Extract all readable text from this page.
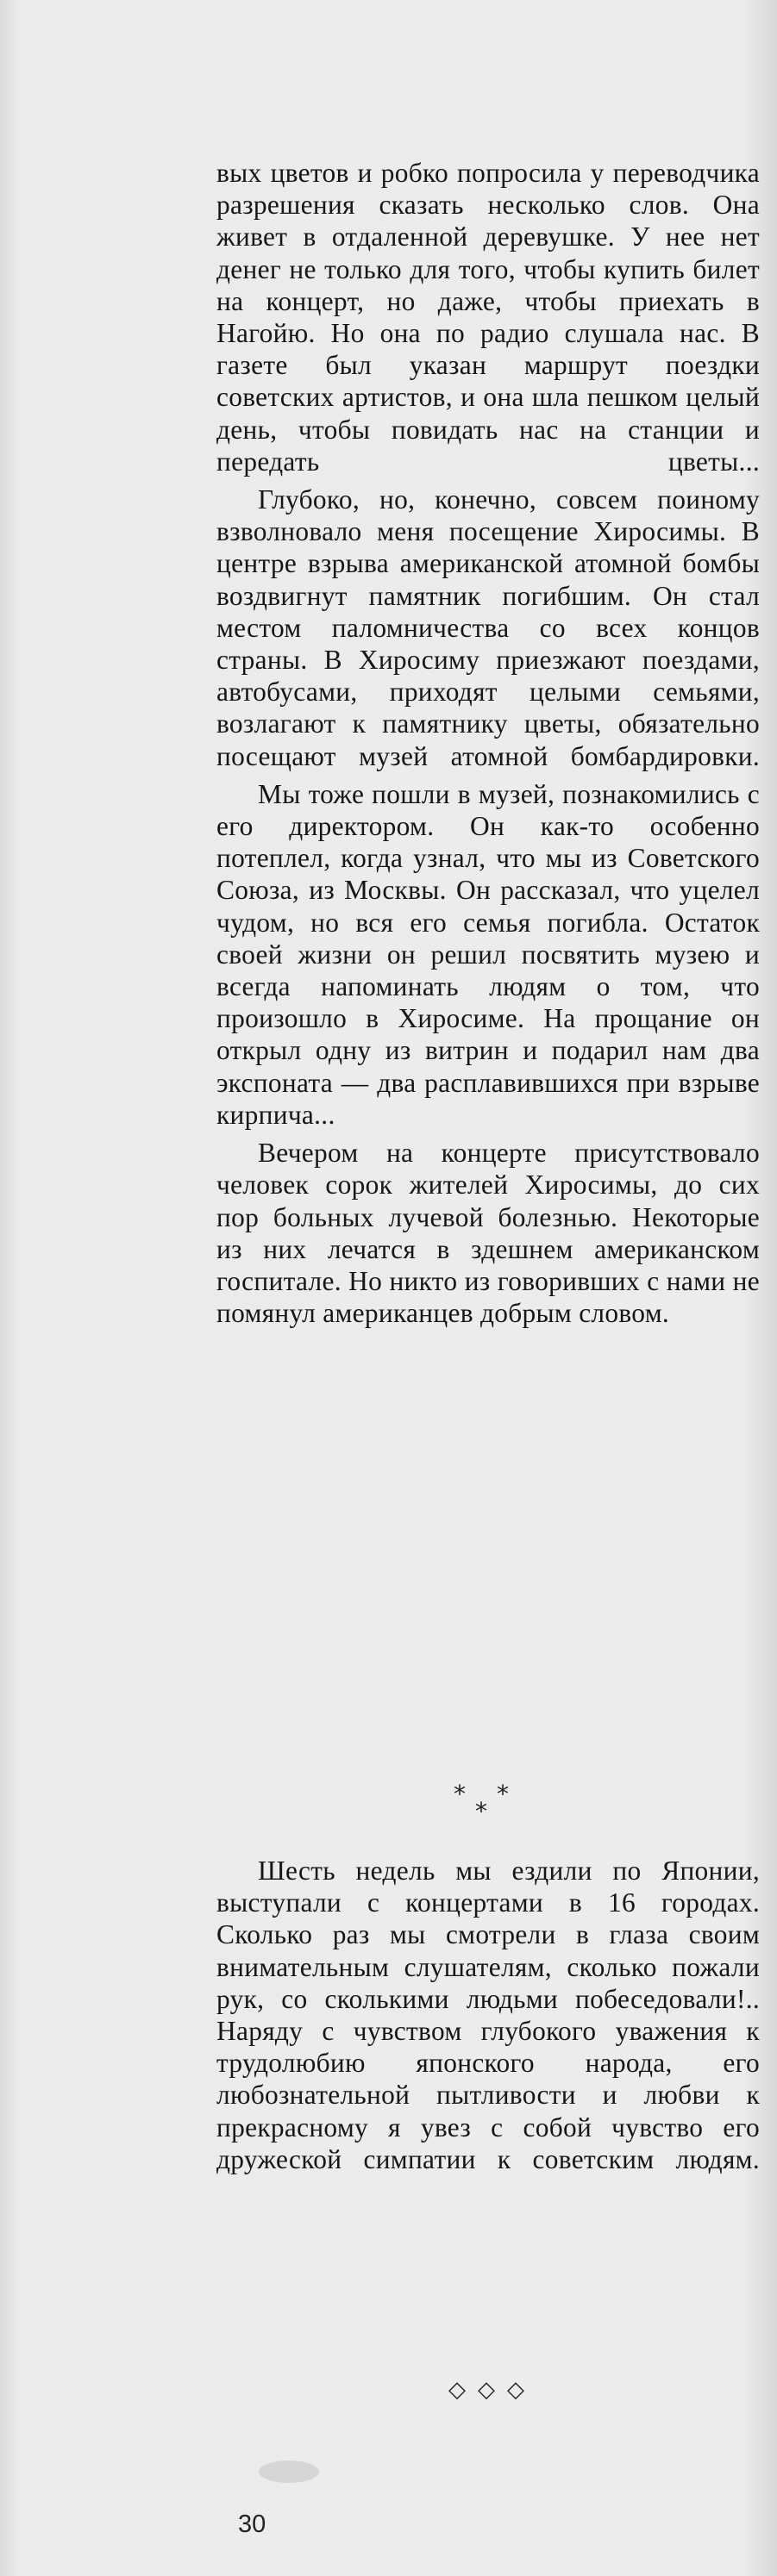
вых цветов и робко попросила у переводчика разрешения сказать несколько слов. Она живет в отдаленной деревушке. У нее нет денег не только для того, чтобы купить билет на концерт, но даже, чтобы приехать в Нагойю. Но она по радио слушала нас. В газете был указан маршрут поездки советских артистов, и она шла пешком целый день, чтобы повидать нас на станции и передать цветы...

Глубоко, но, конечно, совсем поиному взволновало меня посещение Хиросимы. В центре взрыва американской атомной бомбы воздвигнут памятник погибшим. Он стал местом паломничества со всех концов страны. В Хиросиму приезжают поездами, автобусами, приходят целыми семьями, возлагают к памятнику цветы, обязательно посещают музей атомной бомбардировки.

Мы тоже пошли в музей, познакомились с его директором. Он как-то особенно потеплел, когда узнал, что мы из Советского Союза, из Москвы. Он рассказал, что уцелел чудом, но вся его семья погибла. Остаток своей жизни он решил посвятить музею и всегда напоминать людям о том, что произошло в Хиросиме. На прощание он открыл одну из витрин и подарил нам два экспоната — два расплавившихся при взрыве кирпича...

Вечером на концерте присутствовало человек сорок жителей Хиросимы, до сих пор больных лучевой болезнью. Некоторые из них лечатся в здешнем американском госпитале. Но никто из говоривших с нами не помянул американцев добрым словом.

* *
*

Шесть недель мы ездили по Японии, выступали с концертами в 16 городах. Сколько раз мы смотрели в глаза своим внимательным слушателям, сколько пожали рук, со сколькими людьми побеседовали!.. Наряду с чувством глубокого уважения к трудолюбию японского народа, его любознательной пытливости и любви к прекрасному я увез с собой чувство его дружеской симпатии к советским людям.

◇◇◇
30
